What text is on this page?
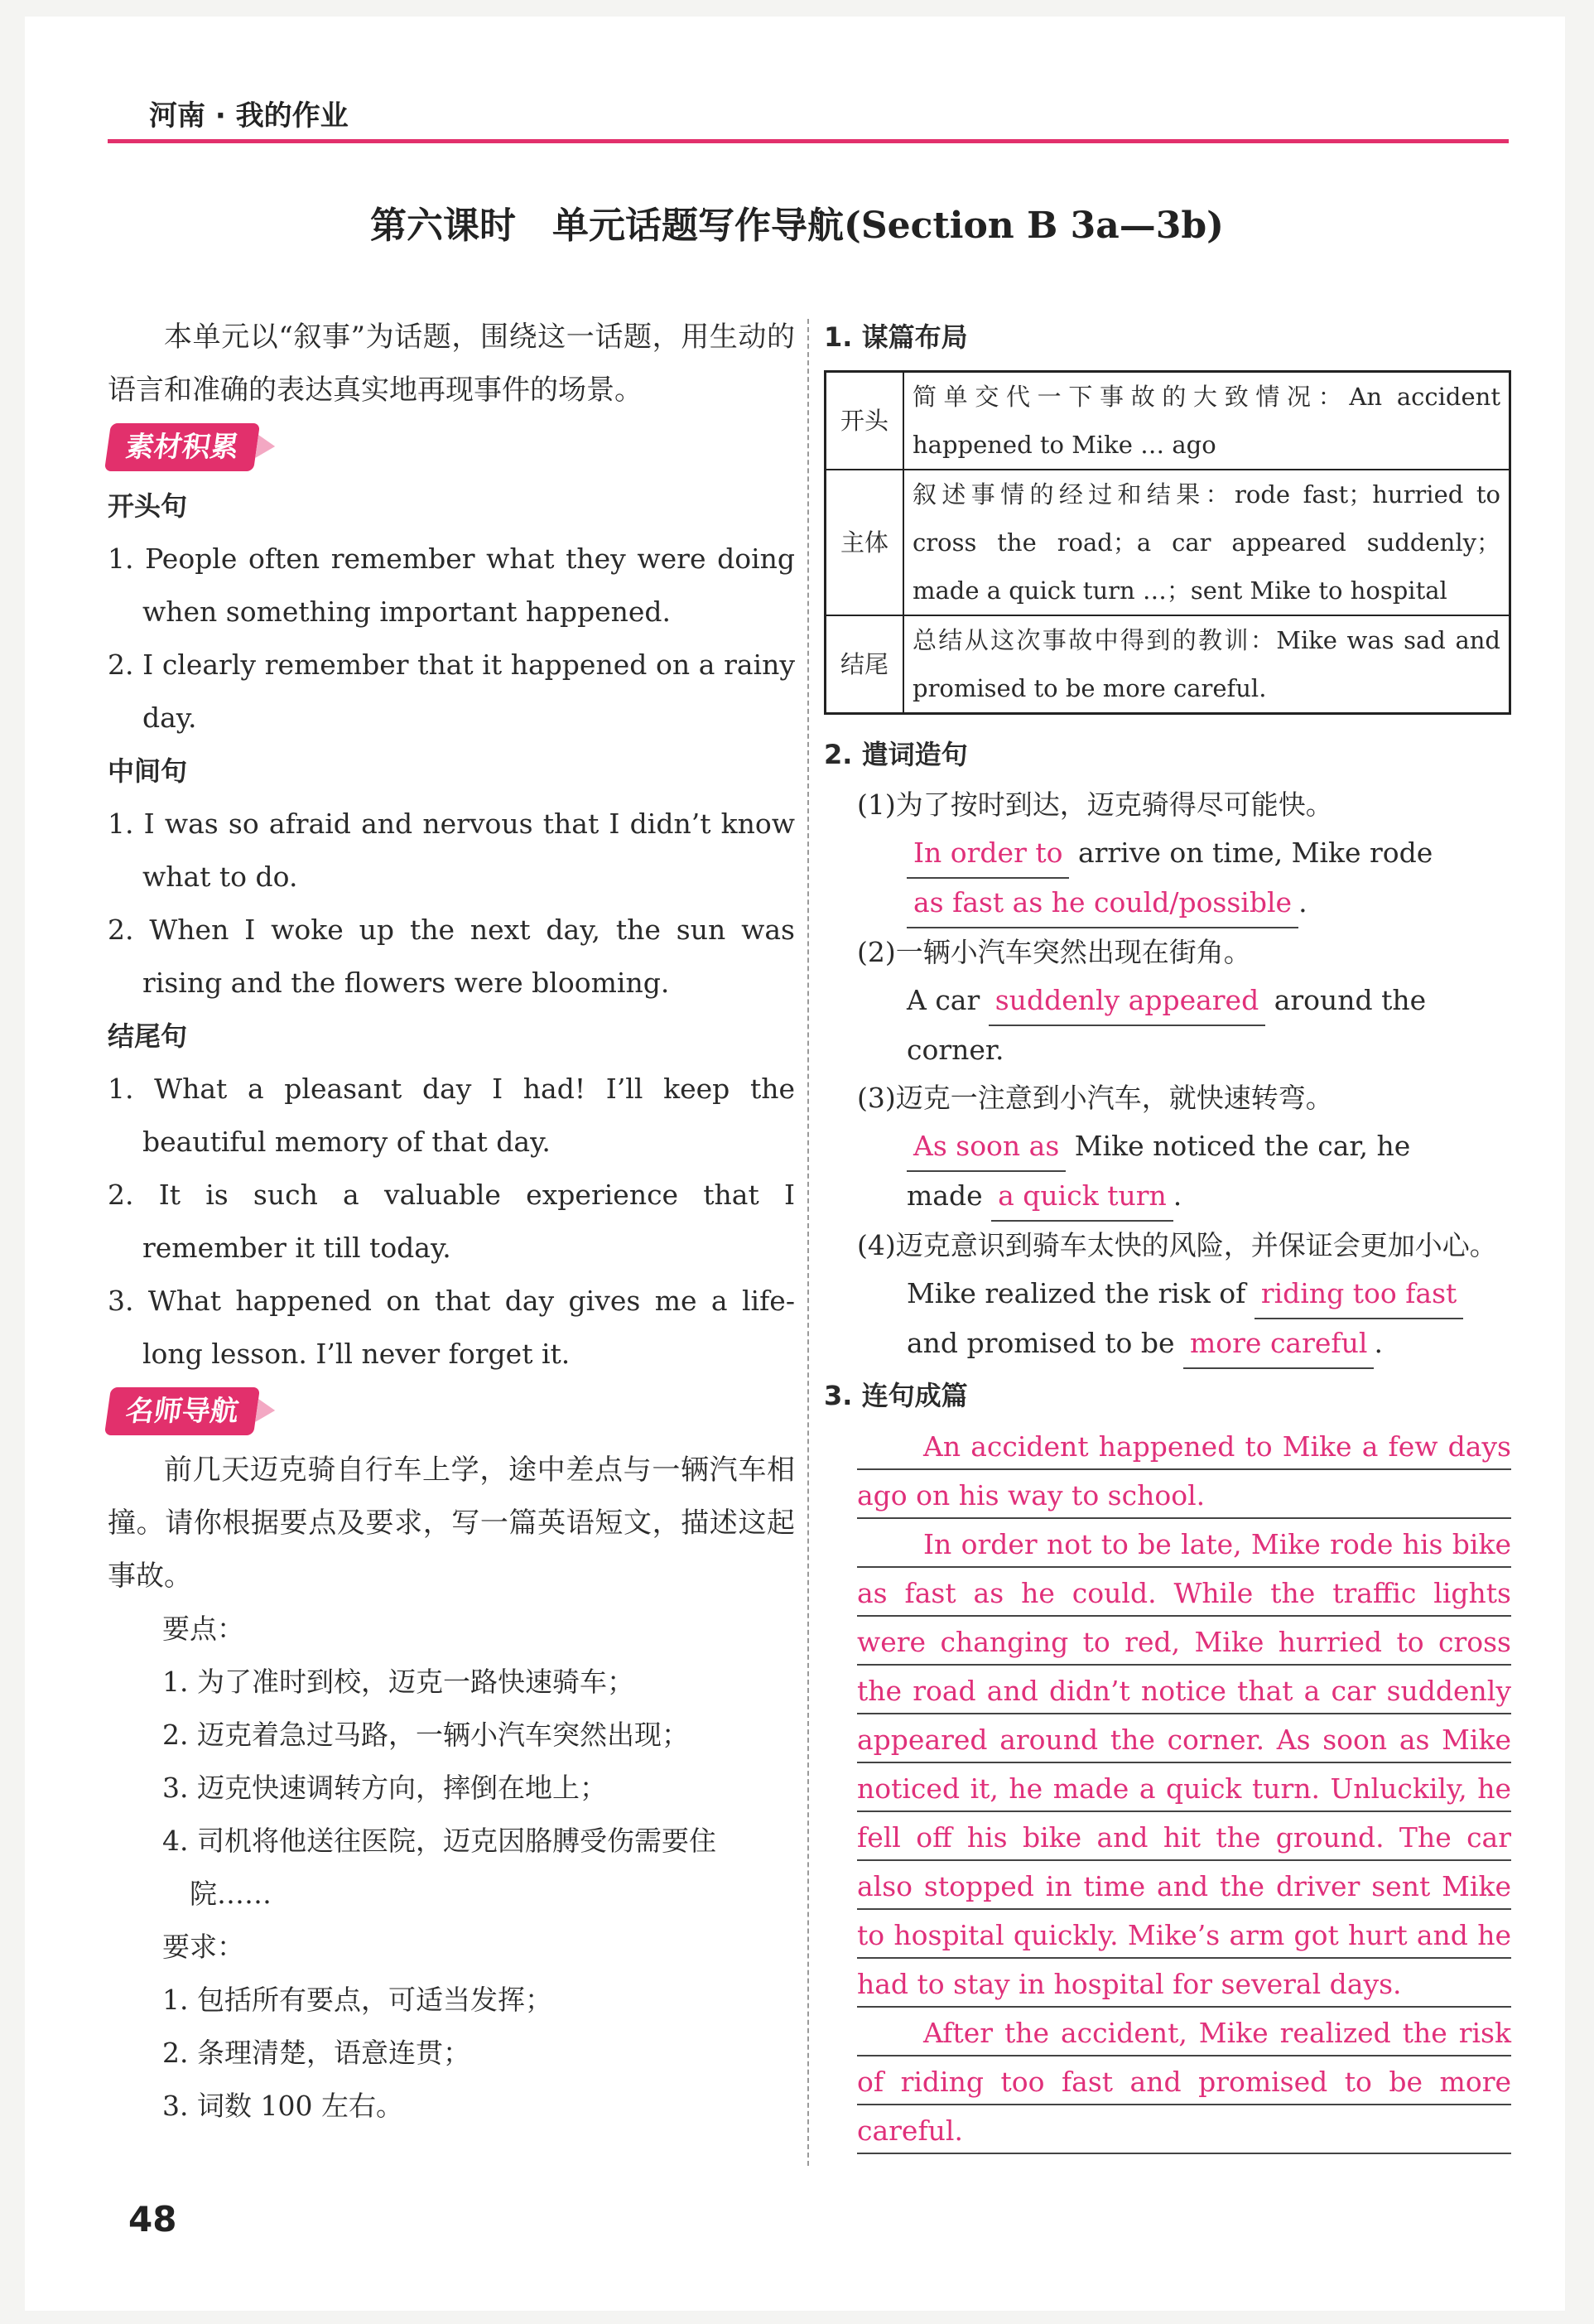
河南 · 我的作业
第六课时　单元话题写作导航(Section B 3a—3b)

本单元以“叙事”为话题，围绕这一话题，用生动的语言和准确的表达真实地再现事件的场景。

素材积累
开头句

1. People often remember what they were doing when something important happened.

2. I clearly remember that it happened on a rainy day.

中间句

1. I was so afraid and nervous that I didn’t know what to do.

2. When I woke up the next day, the sun was rising and the flowers were blooming.

结尾句

1. What a pleasant day I had! I’ll keep the beautiful memory of that day.

2. It is such a valuable experience that I remember it till today.

3. What happened on that day gives me a life-long lesson. I’ll never forget it.

名师导航

前几天迈克骑自行车上学，途中差点与一辆汽车相撞。请你根据要点及要求，写一篇英语短文，描述这起事故。

要点：

1. 为了准时到校，迈克一路快速骑车；

2. 迈克着急过马路，一辆小汽车突然出现；

3. 迈克快速调转方向，摔倒在地上；

4. 司机将他送往医院，迈克因胳膊受伤需要住院……

要求：

1. 包括所有要点，可适当发挥；

2. 条理清楚，语意连贯；

3. 词数 100 左右。

1. 谋篇布局
开头	简单交代一下事故的大致情况：An accident happened to Mike … ago
主体	叙述事情的经过和结果：rode fast；hurried to cross the road；a car appeared suddenly；made a quick turn …；sent Mike to hospital
结尾	总结从这次事故中得到的教训：Mike was sad and promised to be more careful.
2. 遣词造句

(1)为了按时到达，迈克骑得尽可能快。

In order to arrive on time, Mike rode

as fast as he could/possible .

(2)一辆小汽车突然出现在街角。

A car suddenly appeared around the corner.

(3)迈克一注意到小汽车，就快速转弯。

As soon as Mike noticed the car, he

made a quick turn .

(4)迈克意识到骑车太快的风险，并保证会更加小心。

Mike realized the risk of riding too fast

and promised to be more careful .

3. 连句成篇

An accident happened to Mike a few days ago on his way to school.

In order not to be late, Mike rode his bike as fast as he could. While the traffic lights were changing to red, Mike hurried to cross the road and didn’t notice that a car suddenly appeared around the corner. As soon as Mike noticed it, he made a quick turn. Unluckily, he fell off his bike and hit the ground. The car also stopped in time and the driver sent Mike to hospital quickly. Mike’s arm got hurt and he had to stay in hospital for several days.

After the accident, Mike realized the risk of riding too fast and promised to be more careful.

48
